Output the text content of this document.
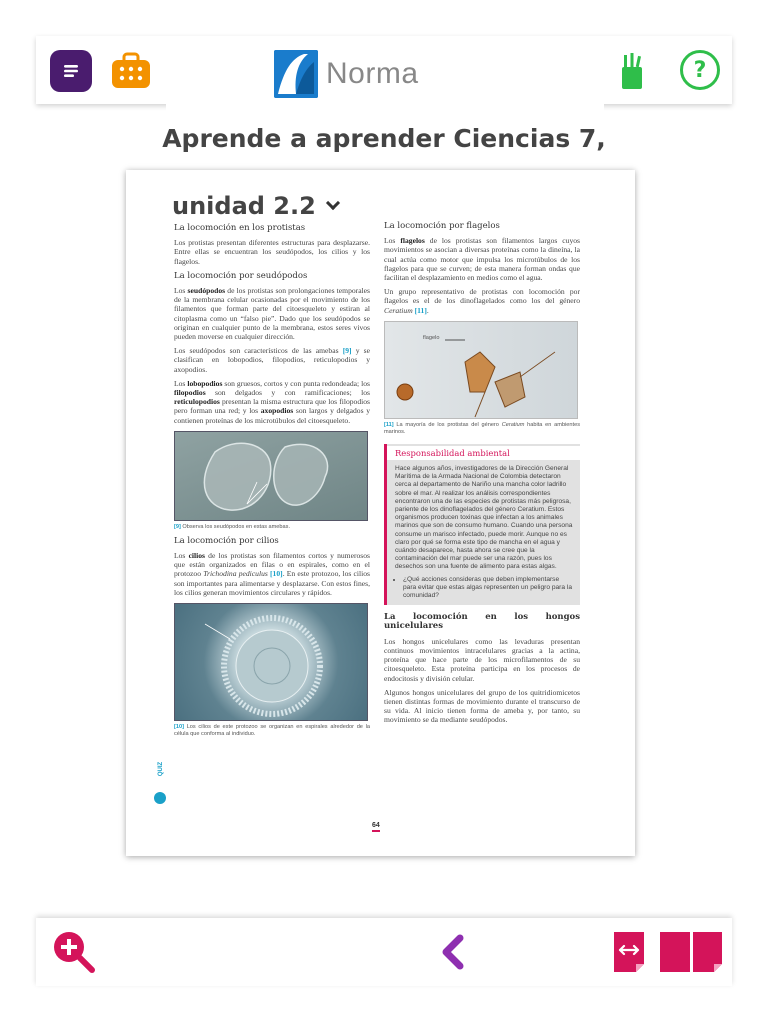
?
Norma
Aprende a aprender Ciencias 7,
La locomoción en los protistas

Los protistas presentan diferentes estructuras para desplazarse. Entre ellas se encuentran los seudópodos, los cilios y los flagelos.

La locomoción por seudópodos

Los seudópodos de los protistas son prolongaciones temporales de la membrana celular ocasionadas por el movimiento de los filamentos que forman parte del citoesqueleto y estiran al citoplasma como un “falso pie”. Dado que los seudópodos se originan en cualquier punto de la membrana, estos seres vivos pueden moverse en cualquier dirección.

Los seudópodos son característicos de las amebas [9] y se clasifican en lobopodios, filopodios, reticulopodios y axopodios.

Los lobopodios son gruesos, cortos y con punta redondeada; los filopodios son delgados y con ramificaciones; los reticulopodios presentan la misma estructura que los filopodios pero forman una red; y los axopodios son largos y delgados y contienen proteínas de los microtúbulos del citoesqueleto.

[9] Observa los seudópodos en estas amebas.
La locomoción por cilios

Los cilios de los protistas son filamentos cortos y numerosos que están organizados en filas o en espirales, como en el protozoo Trichodina pediculus [10]. En este protozoo, los cilios son importantes para alimentarse y desplazarse. Con estos fines, los cilios generan movimientos circulares y rápidos.

[10] Los cilios de este protozoo se organizan en espirales alrededor de la célula que conforma al individuo.
La locomoción por flagelos

Los flagelos de los protistas son filamentos largos cuyos movimientos se asocian a diversas proteínas como la dineína, la cual actúa como motor que impulsa los microtúbulos de los flagelos para que se curven; de esta manera forman ondas que facilitan el desplazamiento en medios como el agua.

Un grupo representativo de protistas con locomoción por flagelos es el de los dinoflagelados como los del género Ceratium [11].

flagelo
[11] La mayoría de los protistas del género Ceratium habita en ambientes marinos.
Responsabilidad ambiental
Hace algunos años, investigadores de la Dirección General Marítima de la Armada Nacional de Colombia detectaron cerca al departamento de Nariño una mancha color ladrillo sobre el mar. Al realizar los análisis correspondientes encontraron una de las especies de protistas más peligrosa, pariente de los dinoflagelados del género Ceratium. Estos organismos producen toxinas que infectan a los animales marinos que son de consumo humano. Cuando una persona consume un marisco infectado, puede morir. Aunque no es claro por qué se forma este tipo de mancha en el agua y cuándo desaparece, hasta ahora se cree que la contaminación del mar puede ser una razón, pues los desechos son una fuente de alimento para estas algas.
• ¿Qué acciones consideras que deben implementarse para evitar que estas algas representen un peligro para la comunidad?
La locomoción en los hongos unicelulares

Los hongos unicelulares como las levaduras presentan continuos movimientos intracelulares gracias a la actina, proteína que hace parte de los microfilamentos de su citoesqueleto. Esta proteína participa en los procesos de endocitosis y división celular.

Algunos hongos unicelulares del grupo de los quitridiomicetos tienen distintas formas de movimiento durante el transcurso de su vida. Al inicio tienen forma de ameba y, por tanto, su movimiento se da mediante seudópodos.

QUIZ
64
unidad 2.2
